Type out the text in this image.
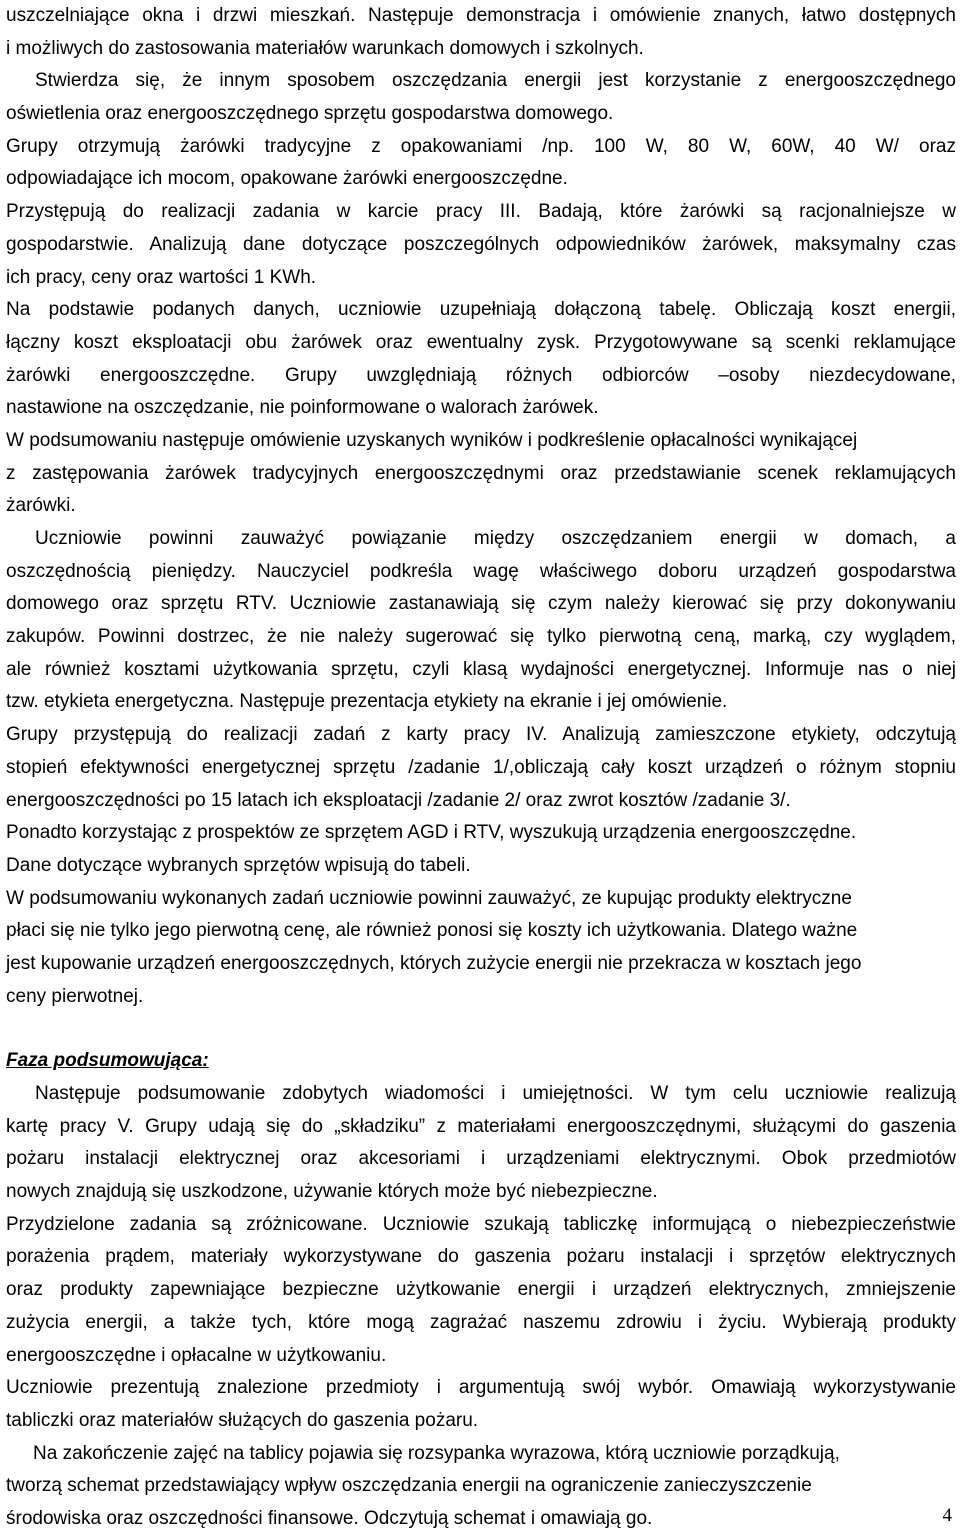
uszczelniające okna i drzwi mieszkań. Następuje demonstracja i omówienie znanych, łatwo dostępnych
i możliwych do zastosowania materiałów warunkach domowych i szkolnych.
Stwierdza się, że innym sposobem oszczędzania energii jest korzystanie z energooszczędnego
oświetlenia oraz energooszczędnego sprzętu gospodarstwa domowego.
Grupy otrzymują żarówki tradycyjne z opakowaniami /np. 100 W, 80 W, 60W, 40 W/ oraz
odpowiadające ich mocom, opakowane żarówki energooszczędne.
Przystępują do realizacji zadania w karcie pracy III. Badają, które żarówki są racjonalniejsze w
gospodarstwie. Analizują dane dotyczące poszczególnych odpowiedników żarówek, maksymalny czas
ich pracy, ceny oraz wartości 1 KWh.
Na podstawie podanych danych, uczniowie uzupełniają dołączoną tabelę. Obliczają koszt energii,
łączny koszt eksploatacji obu żarówek oraz ewentualny zysk. Przygotowywane są scenki reklamujące
żarówki energooszczędne. Grupy uwzględniają różnych odbiorców –osoby niezdecydowane,
nastawione na oszczędzanie, nie poinformowane o walorach żarówek.
W podsumowaniu następuje omówienie uzyskanych wyników i podkreślenie opłacalności wynikającej
z zastępowania żarówek tradycyjnych energooszczędnymi oraz przedstawianie scenek reklamujących
żarówki.
Uczniowie powinni zauważyć powiązanie między oszczędzaniem energii w domach, a
oszczędnością pieniędzy. Nauczyciel podkreśla wagę właściwego doboru urządzeń gospodarstwa
domowego oraz sprzętu RTV. Uczniowie zastanawiają się czym należy kierować się przy dokonywaniu
zakupów. Powinni dostrzec, że nie należy sugerować się tylko pierwotną ceną, marką, czy wyglądem,
ale również kosztami użytkowania sprzętu, czyli klasą wydajności energetycznej. Informuje nas o niej
tzw. etykieta energetyczna. Następuje prezentacja etykiety na ekranie i jej omówienie.
Grupy przystępują do realizacji zadań z karty pracy IV. Analizują zamieszczone etykiety, odczytują
stopień efektywności energetycznej sprzętu /zadanie 1/,obliczają cały koszt urządzeń o różnym stopniu
energooszczędności po 15 latach ich eksploatacji /zadanie 2/ oraz zwrot kosztów /zadanie 3/.
Ponadto korzystając z prospektów ze sprzętem AGD i RTV, wyszukują urządzenia energooszczędne.
Dane dotyczące wybranych sprzętów wpisują do tabeli.
W podsumowaniu wykonanych zadań uczniowie powinni zauważyć, ze kupując produkty elektryczne
płaci się nie tylko jego pierwotną cenę, ale również ponosi się koszty ich użytkowania. Dlatego ważne
jest kupowanie urządzeń energooszczędnych, których zużycie energii nie przekracza w kosztach jego
ceny pierwotnej.
Faza podsumowująca:
Następuje podsumowanie zdobytych wiadomości i umiejętności. W tym celu uczniowie realizują
kartę pracy V. Grupy udają się do „składziku” z materiałami energooszczędnymi, służącymi do gaszenia
pożaru instalacji elektrycznej oraz akcesoriami i urządzeniami elektrycznymi. Obok przedmiotów
nowych znajdują się uszkodzone, używanie których może być niebezpieczne.
Przydzielone zadania są zróżnicowane. Uczniowie szukają tabliczkę informującą o niebezpieczeństwie
porażenia prądem, materiały wykorzystywane do gaszenia pożaru instalacji i sprzętów elektrycznych
oraz produkty zapewniające bezpieczne użytkowanie energii i urządzeń elektrycznych, zmniejszenie
zużycia energii, a także tych, które mogą zagrażać naszemu zdrowiu i życiu. Wybierają produkty
energooszczędne i opłacalne w użytkowaniu.
Uczniowie prezentują znalezione przedmioty i argumentują swój wybór. Omawiają wykorzystywanie
tabliczki oraz materiałów służących do gaszenia pożaru.
Na zakończenie zajęć na tablicy pojawia się rozsypanka wyrazowa, którą uczniowie porządkują,
tworzą schemat przedstawiający wpływ oszczędzania energii na ograniczenie zanieczyszczenie
środowiska oraz oszczędności finansowe. Odczytują schemat i omawiają go.	4
